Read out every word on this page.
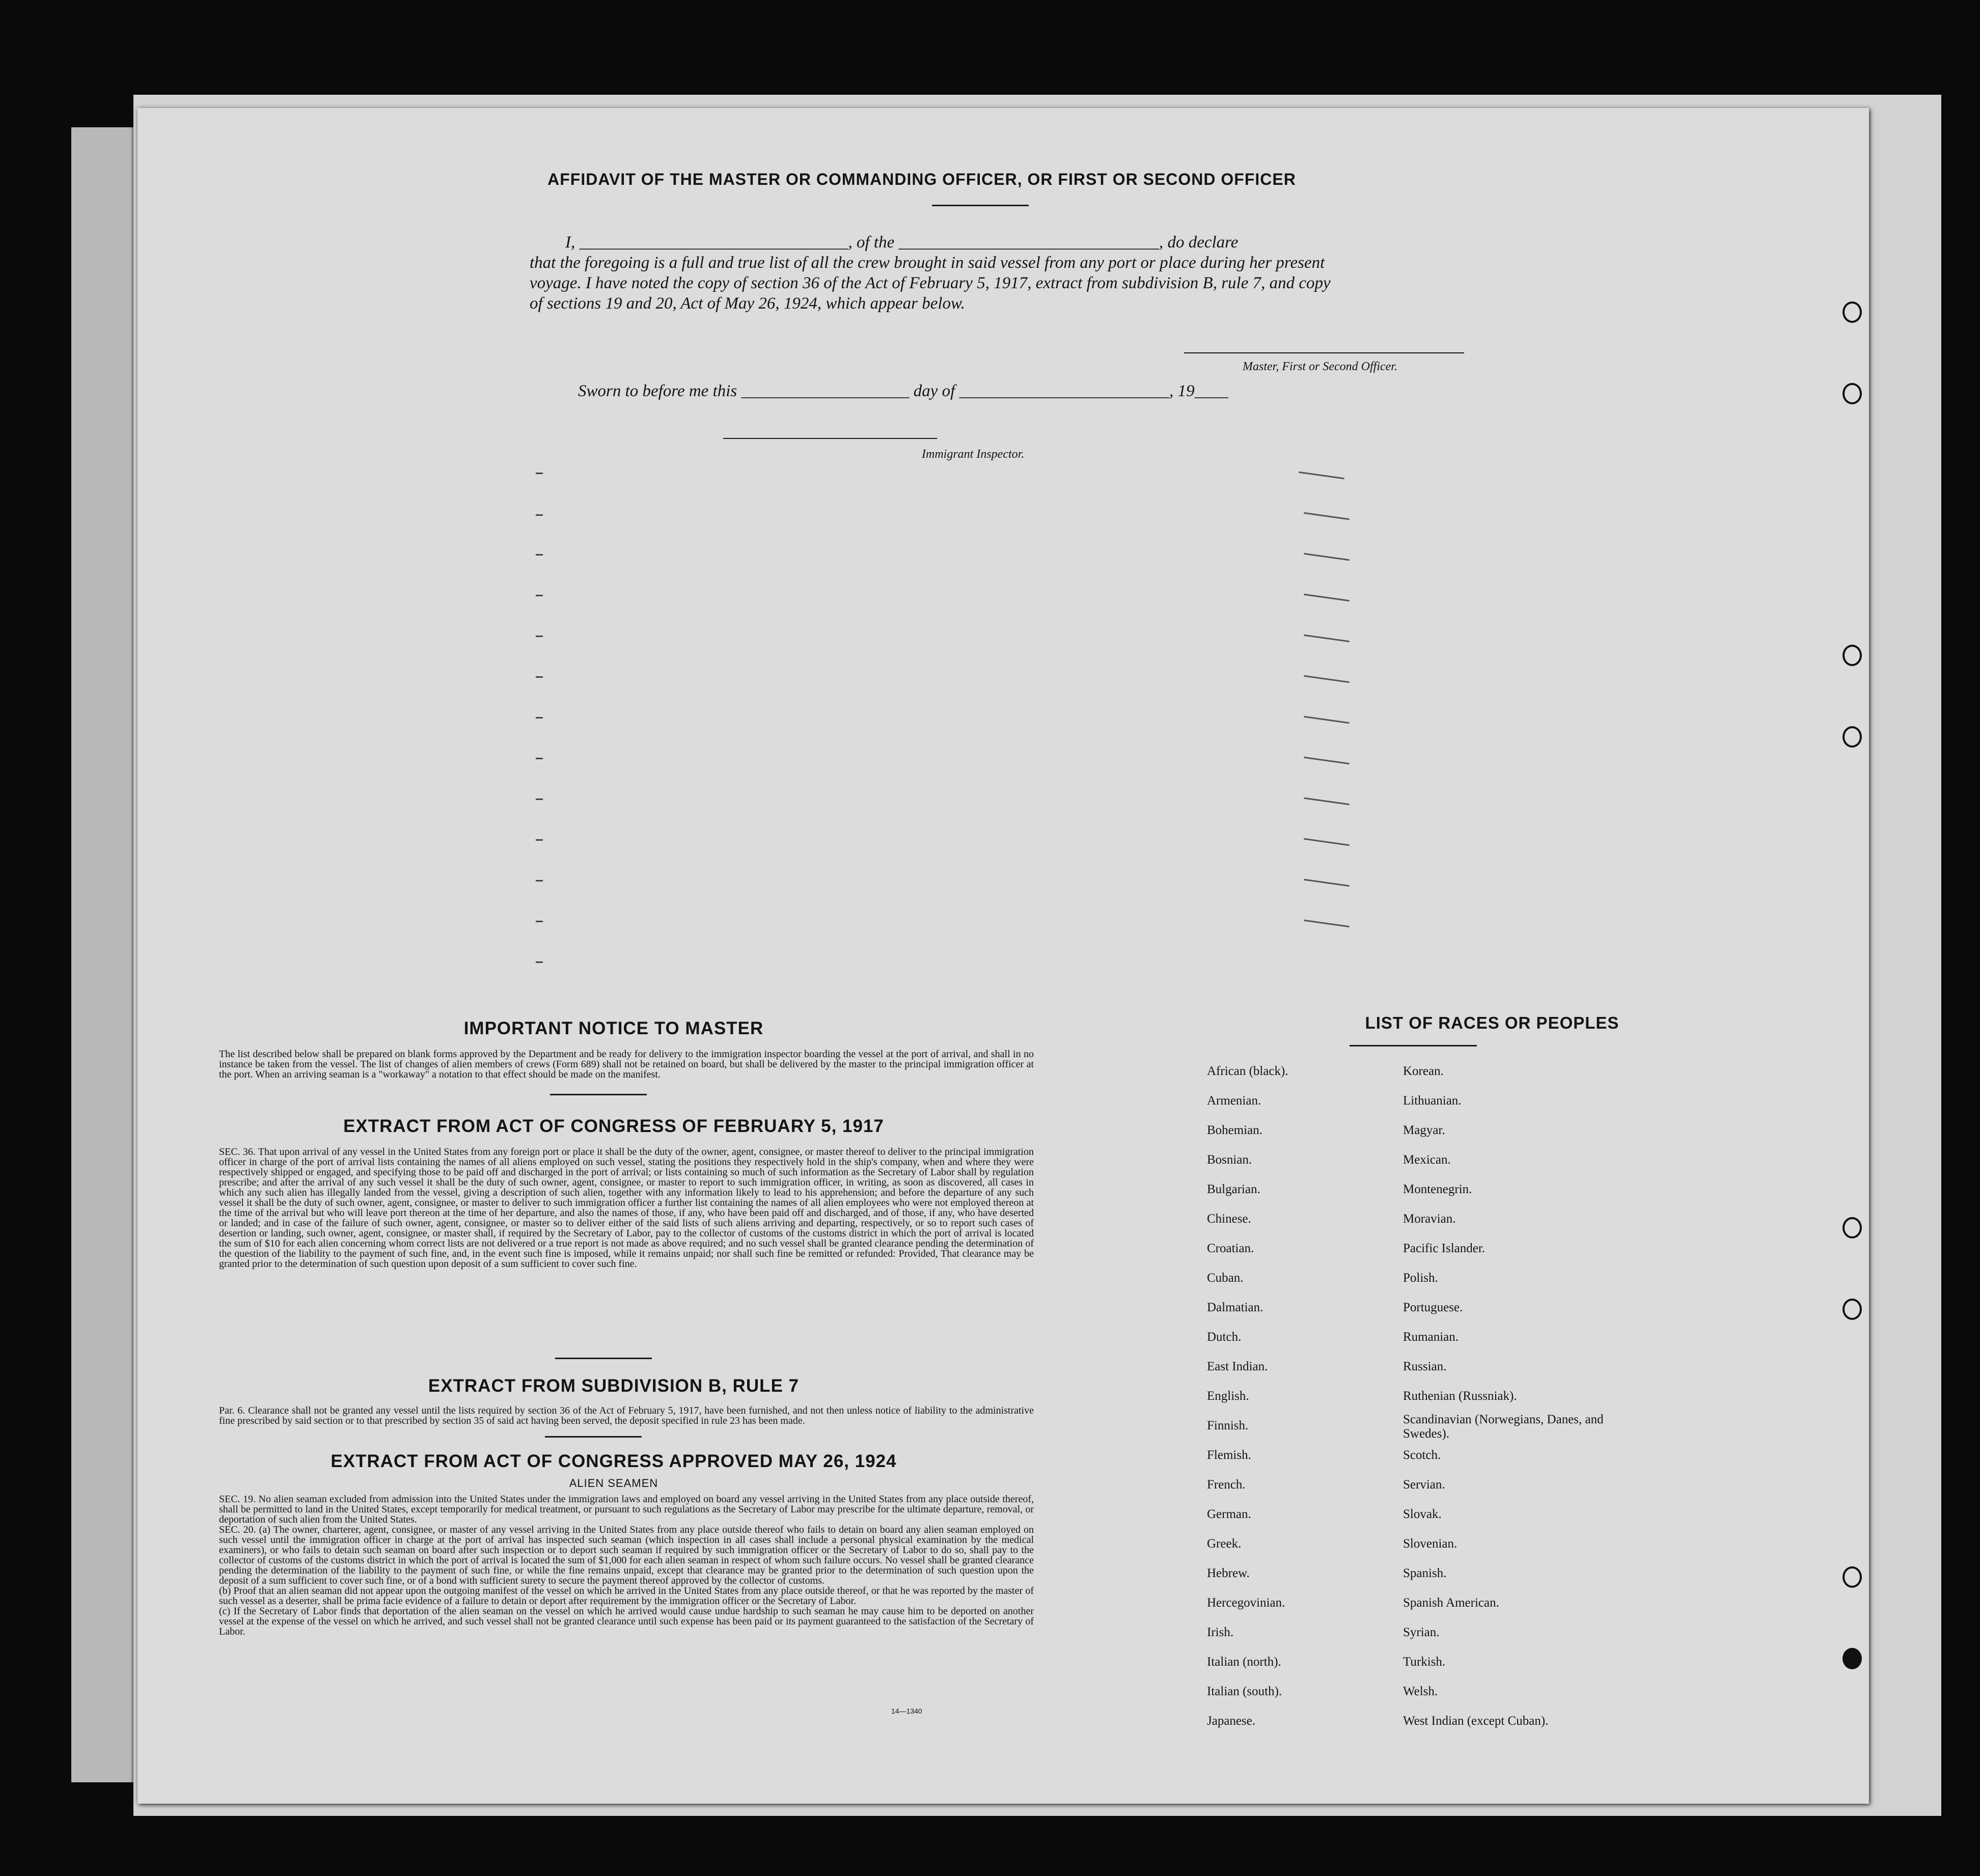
AFFIDAVIT OF THE MASTER OR COMMANDING OFFICER, OR FIRST OR SECOND OFFICER
I, ________________________________, of the _______________________________, do declare
that the foregoing is a full and true list of all the crew brought in said vessel from any port or place during her present
voyage. I have noted the copy of section 36 of the Act of February 5, 1917, extract from subdivision B, rule 7, and copy
of sections 19 and 20, Act of May 26, 1924, which appear below.
Master, First or Second Officer.
Sworn to before me this ____________________ day of _________________________, 19____
Immigrant Inspector.
IMPORTANT NOTICE TO MASTER
The list described below shall be prepared on blank forms approved by the Department and be ready for delivery to the immigration inspector boarding the vessel at the port of arrival, and shall in no instance be taken from the vessel. The list of changes of alien members of crews (Form 689) shall not be retained on board, but shall be delivered by the master to the principal immigration officer at the port. When an arriving seaman is a "workaway" a notation to that effect should be made on the manifest.
EXTRACT FROM ACT OF CONGRESS OF FEBRUARY 5, 1917
SEC. 36. That upon arrival of any vessel in the United States from any foreign port or place it shall be the duty of the owner, agent, consignee, or master thereof to deliver to the principal immigration officer in charge of the port of arrival lists containing the names of all aliens employed on such vessel, stating the positions they respectively hold in the ship's company, when and where they were respectively shipped or engaged, and specifying those to be paid off and discharged in the port of arrival; or lists containing so much of such information as the Secretary of Labor shall by regulation prescribe; and after the arrival of any such vessel it shall be the duty of such owner, agent, consignee, or master to report to such immigration officer, in writing, as soon as discovered, all cases in which any such alien has illegally landed from the vessel, giving a description of such alien, together with any information likely to lead to his apprehension; and before the departure of any such vessel it shall be the duty of such owner, agent, consignee, or master to deliver to such immigration officer a further list containing the names of all alien employees who were not employed thereon at the time of the arrival but who will leave port thereon at the time of her departure, and also the names of those, if any, who have been paid off and discharged, and of those, if any, who have deserted or landed; and in case of the failure of such owner, agent, consignee, or master so to deliver either of the said lists of such aliens arriving and departing, respectively, or so to report such cases of desertion or landing, such owner, agent, consignee, or master shall, if required by the Secretary of Labor, pay to the collector of customs of the customs district in which the port of arrival is located the sum of $10 for each alien concerning whom correct lists are not delivered or a true report is not made as above required; and no such vessel shall be granted clearance pending the determination of the question of the liability to the payment of such fine, and, in the event such fine is imposed, while it remains unpaid; nor shall such fine be remitted or refunded: Provided, That clearance may be granted prior to the determination of such question upon deposit of a sum sufficient to cover such fine.
EXTRACT FROM SUBDIVISION B, RULE 7
Par. 6. Clearance shall not be granted any vessel until the lists required by section 36 of the Act of February 5, 1917, have been furnished, and not then unless notice of liability to the administrative fine prescribed by said section or to that prescribed by section 35 of said act having been served, the deposit specified in rule 23 has been made.
EXTRACT FROM ACT OF CONGRESS APPROVED MAY 26, 1924
ALIEN SEAMEN

SEC. 19. No alien seaman excluded from admission into the United States under the immigration laws and employed on board any vessel arriving in the United States from any place outside thereof, shall be permitted to land in the United States, except temporarily for medical treatment, or pursuant to such regulations as the Secretary of Labor may prescribe for the ultimate departure, removal, or deportation of such alien from the United States.

SEC. 20. (a) The owner, charterer, agent, consignee, or master of any vessel arriving in the United States from any place outside thereof who fails to detain on board any alien seaman employed on such vessel until the immigration officer in charge at the port of arrival has inspected such seaman (which inspection in all cases shall include a personal physical examination by the medical examiners), or who fails to detain such seaman on board after such inspection or to deport such seaman if required by such immigration officer or the Secretary of Labor to do so, shall pay to the collector of customs of the customs district in which the port of arrival is located the sum of $1,000 for each alien seaman in respect of whom such failure occurs. No vessel shall be granted clearance pending the determination of the liability to the payment of such fine, or while the fine remains unpaid, except that clearance may be granted prior to the determination of such question upon the deposit of a sum sufficient to cover such fine, or of a bond with sufficient surety to secure the payment thereof approved by the collector of customs.

(b) Proof that an alien seaman did not appear upon the outgoing manifest of the vessel on which he arrived in the United States from any place outside thereof, or that he was reported by the master of such vessel as a deserter, shall be prima facie evidence of a failure to detain or deport after requirement by the immigration officer or the Secretary of Labor.

(c) If the Secretary of Labor finds that deportation of the alien seaman on the vessel on which he arrived would cause undue hardship to such seaman he may cause him to be deported on another vessel at the expense of the vessel on which he arrived, and such vessel shall not be granted clearance until such expense has been paid or its payment guaranteed to the satisfaction of the Secretary of Labor.

14—1340
LIST OF RACES OR PEOPLES
African (black).
Armenian.
Bohemian.
Bosnian.
Bulgarian.
Chinese.
Croatian.
Cuban.
Dalmatian.
Dutch.
East Indian.
English.
Finnish.
Flemish.
French.
German.
Greek.
Hebrew.
Hercegovinian.
Irish.
Italian (north).
Italian (south).
Japanese.
Korean.
Lithuanian.
Magyar.
Mexican.
Montenegrin.
Moravian.
Pacific Islander.
Polish.
Portuguese.
Rumanian.
Russian.
Ruthenian (Russniak).
Scandinavian (Norwegians, Danes, and Swedes).
Scotch.
Servian.
Slovak.
Slovenian.
Spanish.
Spanish American.
Syrian.
Turkish.
Welsh.
West Indian (except Cuban).
